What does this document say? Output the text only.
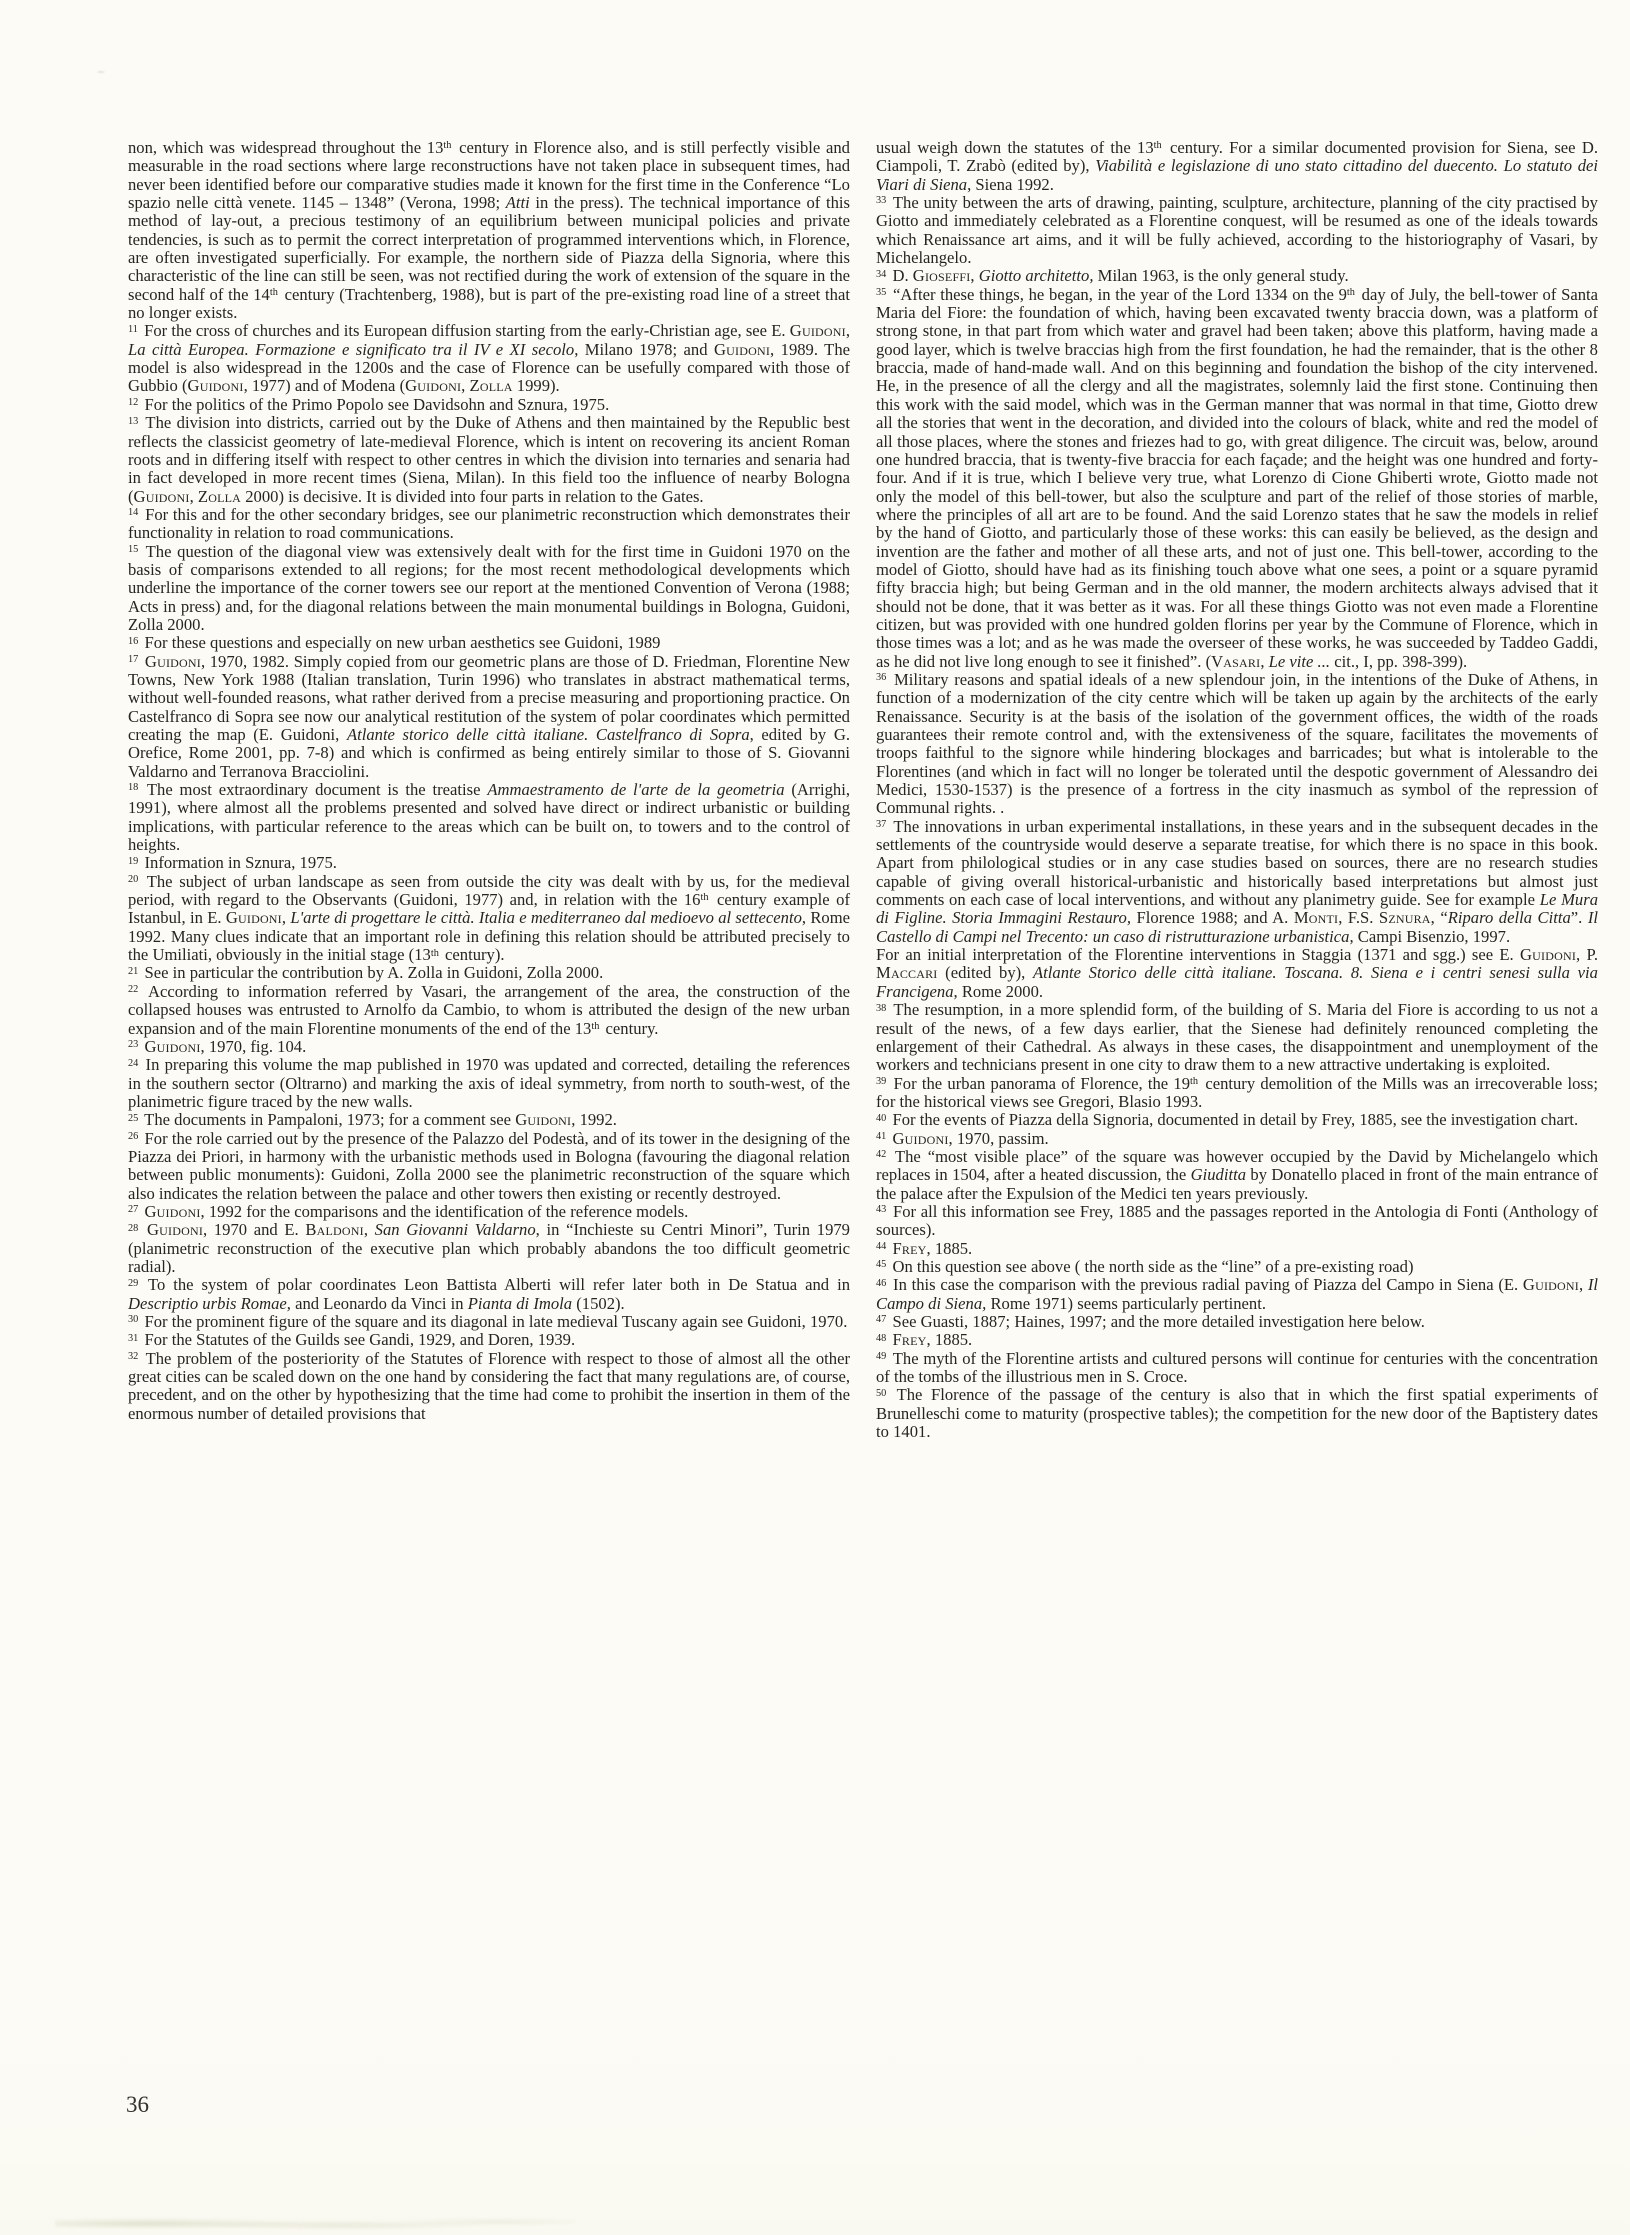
non, which was widespread throughout the 13th century in Florence also, and is still perfectly visible and measurable in the road sections where large reconstructions have not taken place in subsequent times, had never been identified before our comparative studies made it known for the first time in the Conference “Lo spazio nelle città venete. 1145 – 1348” (Verona, 1998; Atti in the press). The technical importance of this method of lay-out, a precious testimony of an equilibrium between municipal policies and private tendencies, is such as to permit the correct interpretation of programmed interventions which, in Florence, are often investigated superficially. For example, the northern side of Piazza della Signoria, where this characteristic of the line can still be seen, was not rectified during the work of extension of the square in the second half of the 14th century (Trachtenberg, 1988), but is part of the pre-existing road line of a street that no longer exists.

$^{11}$ For the cross of churches and its European diffusion starting from the early-Christian age, see E. Guidoni, La città Europea. Formazione e significato tra il IV e XI secolo, Milano 1978; and Guidoni, 1989. The model is also widespread in the 1200s and the case of Florence can be usefully compared with those of Gubbio (Guidoni, 1977) and of Modena (Guidoni, Zolla 1999).

$^{12}$ For the politics of the Primo Popolo see Davidsohn and Sznura, 1975.

$^{13}$ The division into districts, carried out by the Duke of Athens and then maintained by the Republic best reflects the classicist geometry of late-medieval Florence, which is intent on recovering its ancient Roman roots and in differing itself with respect to other centres in which the division into ternaries and senaria had in fact developed in more recent times (Siena, Milan). In this field too the influence of nearby Bologna (Guidoni, Zolla 2000) is decisive. It is divided into four parts in relation to the Gates.

$^{14}$ For this and for the other secondary bridges, see our planimetric reconstruction which demonstrates their functionality in relation to road communications.

$^{15}$ The question of the diagonal view was extensively dealt with for the first time in Guidoni 1970 on the basis of comparisons extended to all regions; for the most recent methodological developments which underline the importance of the corner towers see our report at the mentioned Convention of Verona (1988; Acts in press) and, for the diagonal relations between the main monumental buildings in Bologna, Guidoni, Zolla 2000.

$^{16}$ For these questions and especially on new urban aesthetics see Guidoni, 1989

$^{17}$ Guidoni, 1970, 1982. Simply copied from our geometric plans are those of D. Friedman, Florentine New Towns, New York 1988 (Italian translation, Turin 1996) who translates in abstract mathematical terms, without well-founded reasons, what rather derived from a precise measuring and proportioning practice. On Castelfranco di Sopra see now our analytical restitution of the system of polar coordinates which permitted creating the map (E. Guidoni, Atlante storico delle città italiane. Castelfranco di Sopra, edited by G. Orefice, Rome 2001, pp. 7-8) and which is confirmed as being entirely similar to those of S. Giovanni Valdarno and Terranova Bracciolini.

$^{18}$ The most extraordinary document is the treatise Ammaestramento de l'arte de la geometria (Arrighi, 1991), where almost all the problems presented and solved have direct or indirect urbanistic or building implications, with particular reference to the areas which can be built on, to towers and to the control of heights.

$^{19}$ Information in Sznura, 1975.

$^{20}$ The subject of urban landscape as seen from outside the city was dealt with by us, for the medieval period, with regard to the Observants (Guidoni, 1977) and, in relation with the 16th century example of Istanbul, in E. Guidoni, L'arte di progettare le città. Italia e mediterraneo dal medioevo al settecento, Rome 1992. Many clues indicate that an important role in defining this relation should be attributed precisely to the Umiliati, obviously in the initial stage (13th century).

$^{21}$ See in particular the contribution by A. Zolla in Guidoni, Zolla 2000.

$^{22}$ According to information referred by Vasari, the arrangement of the area, the construction of the collapsed houses was entrusted to Arnolfo da Cambio, to whom is attributed the design of the new urban expansion and of the main Florentine monuments of the end of the 13th century.

$^{23}$ Guidoni, 1970, fig. 104.

$^{24}$ In preparing this volume the map published in 1970 was updated and corrected, detailing the references in the southern sector (Oltrarno) and marking the axis of ideal symmetry, from north to south-west, of the planimetric figure traced by the new walls.

$^{25}$ The documents in Pampaloni, 1973; for a comment see Guidoni, 1992.

$^{26}$ For the role carried out by the presence of the Palazzo del Podestà, and of its tower in the designing of the Piazza dei Priori, in harmony with the urbanistic methods used in Bologna (favouring the diagonal relation between public monuments): Guidoni, Zolla 2000 see the planimetric reconstruction of the square which also indicates the relation between the palace and other towers then existing or recently destroyed.

$^{27}$ Guidoni, 1992 for the comparisons and the identification of the reference models.

$^{28}$ Guidoni, 1970 and E. Baldoni, San Giovanni Valdarno, in “Inchieste su Centri Minori”, Turin 1979 (planimetric reconstruction of the executive plan which probably abandons the too difficult geometric radial).

$^{29}$ To the system of polar coordinates Leon Battista Alberti will refer later both in De Statua and in Descriptio urbis Romae, and Leonardo da Vinci in Pianta di Imola (1502).

$^{30}$ For the prominent figure of the square and its diagonal in late medieval Tuscany again see Guidoni, 1970.

$^{31}$ For the Statutes of the Guilds see Gandi, 1929, and Doren, 1939.

$^{32}$ The problem of the posteriority of the Statutes of Florence with respect to those of almost all the other great cities can be scaled down on the one hand by considering the fact that many regulations are, of course, precedent, and on the other by hypothesizing that the time had come to prohibit the insertion in them of the enormous number of detailed provisions that

usual weigh down the statutes of the 13th century. For a similar documented provision for Siena, see D. Ciampoli, T. Zrabò (edited by), Viabilità e legislazione di uno stato cittadino del duecento. Lo statuto dei Viari di Siena, Siena 1992.

$^{33}$ The unity between the arts of drawing, painting, sculpture, architecture, planning of the city practised by Giotto and immediately celebrated as a Florentine conquest, will be resumed as one of the ideals towards which Renaissance art aims, and it will be fully achieved, according to the historiography of Vasari, by Michelangelo.

$^{34}$ D. Gioseffi, Giotto architetto, Milan 1963, is the only general study.

$^{35}$ “After these things, he began, in the year of the Lord 1334 on the 9th day of July, the bell-tower of Santa Maria del Fiore: the foundation of which, having been excavated twenty braccia down, was a platform of strong stone, in that part from which water and gravel had been taken; above this platform, having made a good layer, which is twelve braccias high from the first foundation, he had the remainder, that is the other 8 braccia, made of hand-made wall. And on this beginning and foundation the bishop of the city intervened. He, in the presence of all the clergy and all the magistrates, solemnly laid the first stone. Continuing then this work with the said model, which was in the German manner that was normal in that time, Giotto drew all the stories that went in the decoration, and divided into the colours of black, white and red the model of all those places, where the stones and friezes had to go, with great diligence. The circuit was, below, around one hundred braccia, that is twenty-five braccia for each façade; and the height was one hundred and forty-four. And if it is true, which I believe very true, what Lorenzo di Cione Ghiberti wrote, Giotto made not only the model of this bell-tower, but also the sculpture and part of the relief of those stories of marble, where the principles of all art are to be found. And the said Lorenzo states that he saw the models in relief by the hand of Giotto, and particularly those of these works: this can easily be believed, as the design and invention are the father and mother of all these arts, and not of just one. This bell-tower, according to the model of Giotto, should have had as its finishing touch above what one sees, a point or a square pyramid fifty braccia high; but being German and in the old manner, the modern architects always advised that it should not be done, that it was better as it was. For all these things Giotto was not even made a Florentine citizen, but was provided with one hundred golden florins per year by the Commune of Florence, which in those times was a lot; and as he was made the overseer of these works, he was succeeded by Taddeo Gaddi, as he did not live long enough to see it finished”. (Vasari, Le vite ... cit., I, pp. 398-399).

$^{36}$ Military reasons and spatial ideals of a new splendour join, in the intentions of the Duke of Athens, in function of a modernization of the city centre which will be taken up again by the architects of the early Renaissance. Security is at the basis of the isolation of the government offices, the width of the roads guarantees their remote control and, with the extensiveness of the square, facilitates the movements of troops faithful to the signore while hindering blockages and barricades; but what is intolerable to the Florentines (and which in fact will no longer be tolerated until the despotic government of Alessandro dei Medici, 1530-1537) is the presence of a fortress in the city inasmuch as symbol of the repression of Communal rights. .

$^{37}$ The innovations in urban experimental installations, in these years and in the subsequent decades in the settlements of the countryside would deserve a separate treatise, for which there is no space in this book. Apart from philological studies or in any case studies based on sources, there are no research studies capable of giving overall historical-urbanistic and historically based interpretations but almost just comments on each case of local interventions, and without any planimetry guide. See for example Le Mura di Figline. Storia Immagini Restauro, Florence 1988; and A. Monti, F.S. Sznura, “Riparo della Citta”. Il Castello di Campi nel Trecento: un caso di ristrutturazione urbanistica, Campi Bisenzio, 1997.

For an initial interpretation of the Florentine interventions in Staggia (1371 and sgg.) see E. Guidoni, P. Maccari (edited by), Atlante Storico delle città italiane. Toscana. 8. Siena e i centri senesi sulla via Francigena, Rome 2000.

$^{38}$ The resumption, in a more splendid form, of the building of S. Maria del Fiore is according to us not a result of the news, of a few days earlier, that the Sienese had definitely renounced completing the enlargement of their Cathedral. As always in these cases, the disappointment and unemployment of the workers and technicians present in one city to draw them to a new attractive undertaking is exploited.

$^{39}$ For the urban panorama of Florence, the 19th century demolition of the Mills was an irrecoverable loss; for the historical views see Gregori, Blasio 1993.

$^{40}$ For the events of Piazza della Signoria, documented in detail by Frey, 1885, see the investigation chart.

$^{41}$ Guidoni, 1970, passim.

$^{42}$ The “most visible place” of the square was however occupied by the David by Michelangelo which replaces in 1504, after a heated discussion, the Giuditta by Donatello placed in front of the main entrance of the palace after the Expulsion of the Medici ten years previously.

$^{43}$ For all this information see Frey, 1885 and the passages reported in the Antologia di Fonti (Anthology of sources).

$^{44}$ Frey, 1885.

$^{45}$ On this question see above ( the north side as the “line” of a pre-existing road)

$^{46}$ In this case the comparison with the previous radial paving of Piazza del Campo in Siena (E. Guidoni, Il Campo di Siena, Rome 1971) seems particularly pertinent.

$^{47}$ See Guasti, 1887; Haines, 1997; and the more detailed investigation here below.

$^{48}$ Frey, 1885.

$^{49}$ The myth of the Florentine artists and cultured persons will continue for centuries with the concentration of the tombs of the illustrious men in S. Croce.

$^{50}$ The Florence of the passage of the century is also that in which the first spatial experiments of Brunelleschi come to maturity (prospective tables); the competition for the new door of the Baptistery dates to 1401.

36
